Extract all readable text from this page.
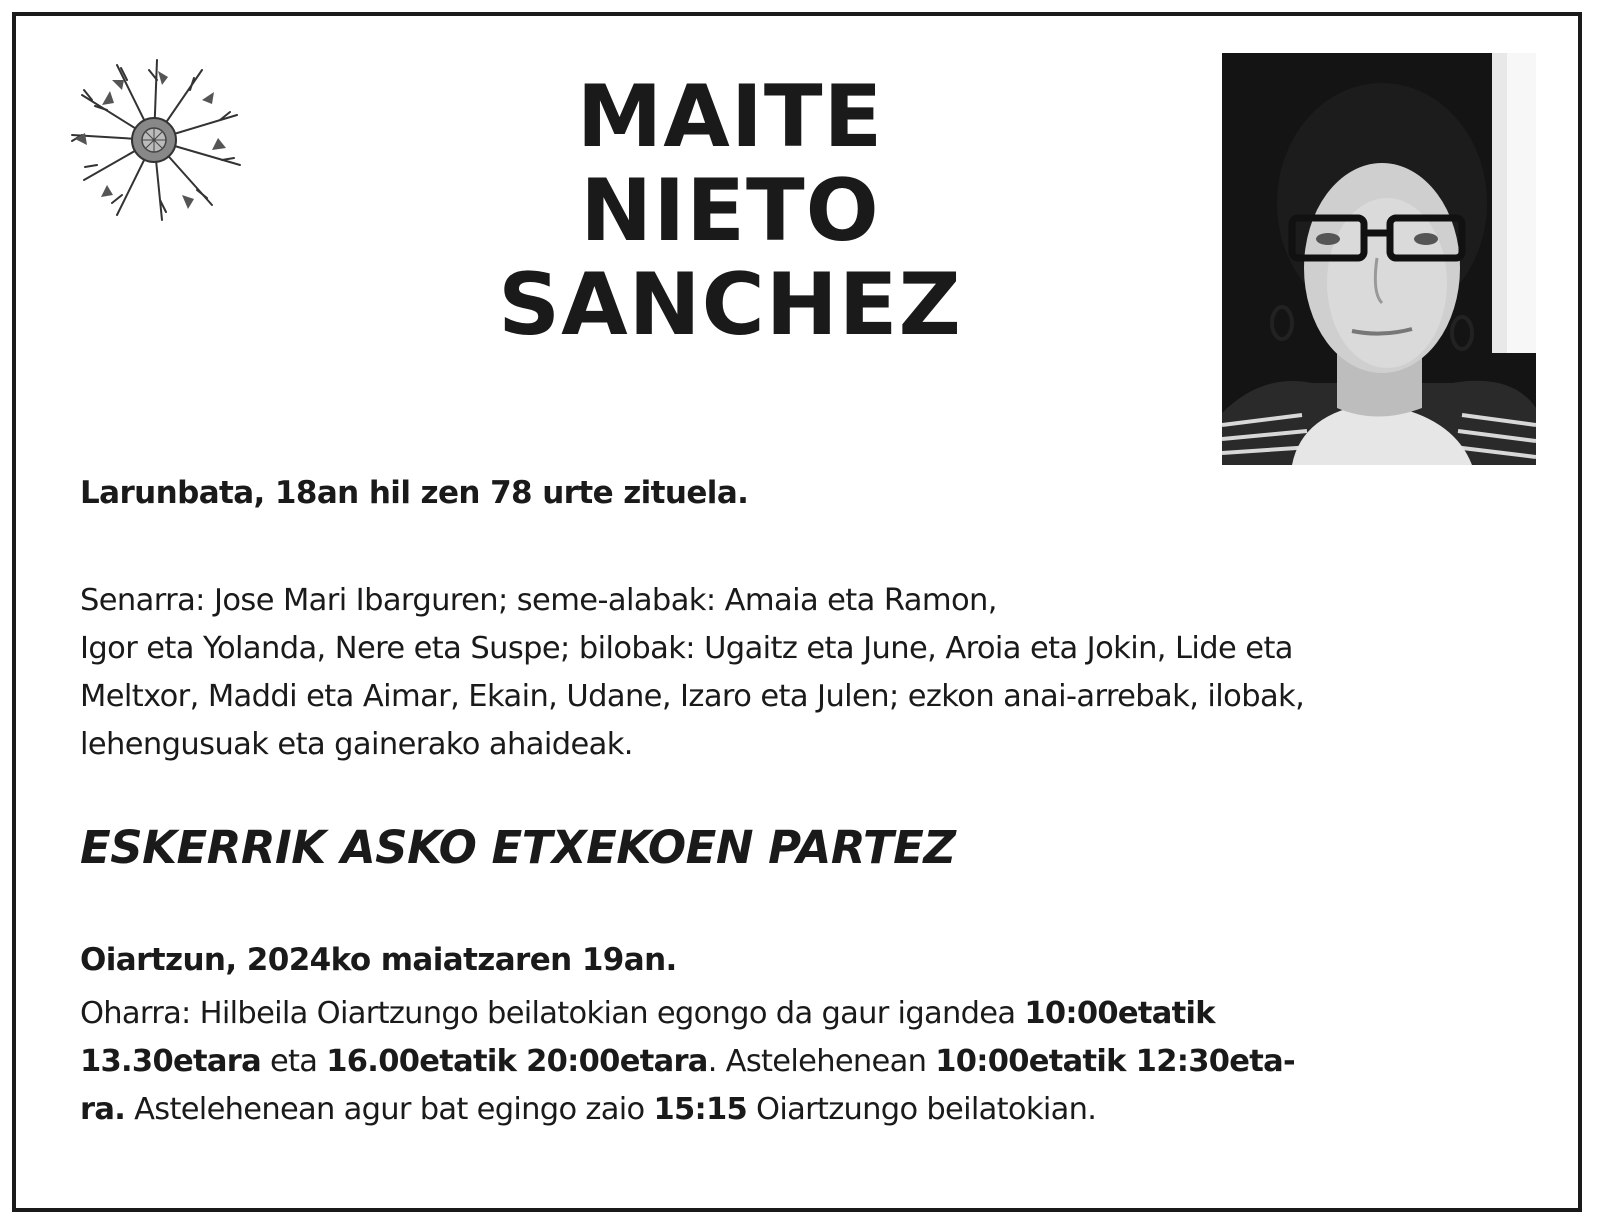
MAITE
NIETO
SANCHEZ
Larunbata, 18an hil zen 78 urte zituela.
Senarra: Jose Mari Ibarguren; seme-alabak: Amaia eta Ramon,
Igor eta Yolanda, Nere eta Suspe; bilobak: Ugaitz eta June, Aroia eta Jokin, Lide eta
Meltxor, Maddi eta Aimar, Ekain, Udane, Izaro eta Julen; ezkon anai-arrebak, ilobak,
lehengusuak eta gainerako ahaideak.
ESKERRIK ASKO ETXEKOEN PARTEZ
Oiartzun, 2024ko maiatzaren 19an.
Oharra: Hilbeila Oiartzungo beilatokian egongo da gaur igandea 10:00etatik
13.30etara eta 16.00etatik 20:00etara. Astelehenean 10:00etatik 12:30eta-
ra. Astelehenean agur bat egingo zaio 15:15 Oiartzungo beilatokian.
